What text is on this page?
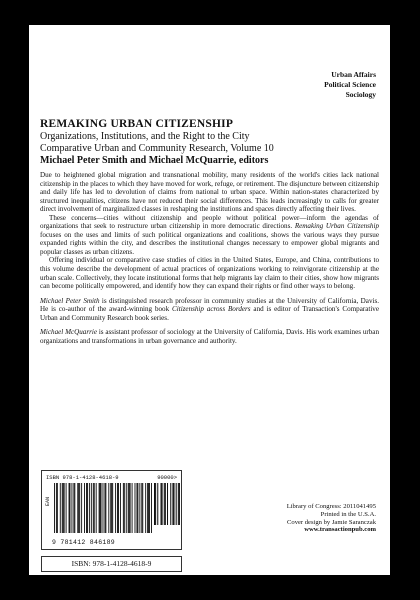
Urban Affairs
Political Science
Sociology
REMAKING URBAN CITIZENSHIP
Organizations, Institutions, and the Right to the City
Comparative Urban and Community Research, Volume 10
Michael Peter Smith and Michael McQuarrie, editors

Due to heightened global migration and transnational mobility, many residents of the world's cities lack national citizenship in the places to which they have moved for work, refuge, or retirement. The disjuncture between citizenship and daily life has led to devolution of claims from national to urban space. Within nation-states characterized by structured inequalities, citizens have not reduced their social differences. This leads increasingly to calls for greater direct involvement of marginalized classes in reshaping the institutions and spaces directly affecting their lives.

These concerns—cities without citizenship and people without political power—inform the agendas of organizations that seek to restructure urban citizenship in more democratic directions. Remaking Urban Citizenship focuses on the uses and limits of such political organizations and coalitions, shows the various ways they pursue expanded rights within the city, and describes the institutional changes necessary to empower global migrants and popular classes as urban citizens.

Offering individual or comparative case studies of cities in the United States, Europe, and China, contributions to this volume describe the development of actual practices of organizations working to reinvigorate citizenship at the urban scale. Collectively, they locate institutional forms that help migrants lay claim to their cities, show how migrants can become politically empowered, and identify how they can expand their rights or find other ways to belong.

Michael Peter Smith is distinguished research professor in community studies at the University of California, Davis. He is co-author of the award-winning book Citizenship across Borders and is editor of Transaction's Comparative Urban and Community Research book series.

Michael McQuarrie is assistant professor of sociology at the University of California, Davis. His work examines urban organizations and transformations in urban governance and authority.

ISBN 978-1-4128-4618-9	90000>
EAN
9 781412 846189
ISBN: 978-1-4128-4618-9
Library of Congress: 2011041495
Printed in the U.S.A.
Cover design by Jamie Saranczak
www.transactionpub.com
